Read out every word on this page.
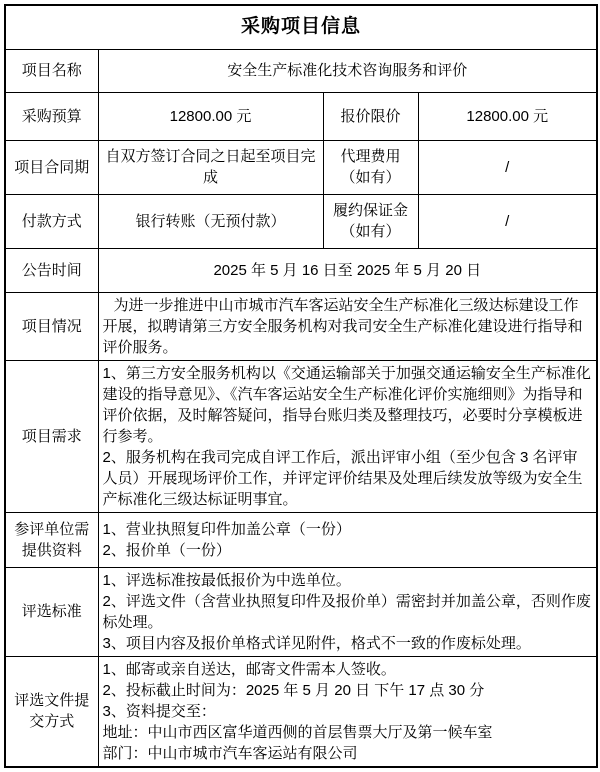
采购项目信息			
项目名称	安全生产标准化技术咨询服务和评价		
采购预算	12800.00 元	报价限价	12800.00 元
项目合同期	自双方签订合同之日起至项目完成	代理费用（如有）	/
付款方式	银行转账（无预付款）	履约保证金（如有）	/
公告时间	2025 年 5 月 16 日至 2025 年 5 月 20 日		
项目情况	为进一步推进中山市城市汽车客运站安全生产标准化三级达标建设工作开展，拟聘请第三方安全服务机构对我司安全生产标准化建设进行指导和评价服务。		

项目需求	1、第三方安全服务机构以《交通运输部关于加强交通运输安全生产标准化建设的指导意见》、《汽车客运站安全生产标准化评价实施细则》为指导和评价依据，及时解答疑问，指导台账归类及整理技巧，必要时分享模板进行参考。

2、服务机构在我司完成自评工作后，派出评审小组（至少包含 3 名评审人员）开展现场评价工作，并评定评价结果及处理后续发放等级为安全生产标准化三级达标证明事宜。		

参评单位需提供资料	1、营业执照复印件加盖公章（一份）

2、报价单（一份）		

评选标准	1、评选标准按最低报价为中选单位。

2、评选文件（含营业执照复印件及报价单）需密封并加盖公章，否则作废标处理。

3、项目内容及报价单格式详见附件，格式不一致的作废标处理。		

评选文件提交方式	1、邮寄或亲自送达，邮寄文件需本人签收。

2、投标截止时间为：2025 年 5 月 20 日 下午 17 点 30 分

3、资料提交至：

地址：中山市西区富华道西侧的首层售票大厅及第一候车室

部门：中山市城市汽车客运站有限公司		
